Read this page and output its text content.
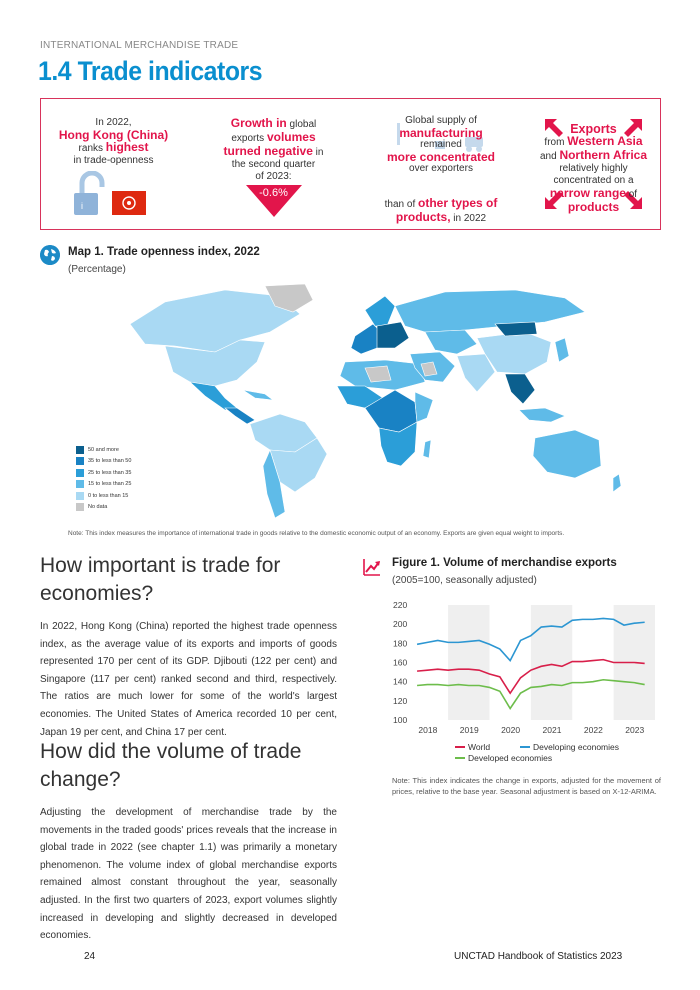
INTERNATIONAL MERCHANDISE TRADE
1.4 Trade indicators
In 2022,
Hong Kong (China)
ranks highest
in trade-openness
i
Growth in global
exports volumes
turned negative in
the second quarter
of 2023:
-0.6%
Global supply of
manufacturing
remained
more concentrated
over exporters
than of other types of
products, in 2022
Exports
from Western Asia
and Northern Africa
relatively highly
concentrated on a
narrow range of
products
Map 1. Trade openness index, 2022
(Percentage)
50 and more
35 to less than 50
25 to less than 35
15 to less than 25
0 to less than 15
No data
Note: This index measures the importance of international trade in goods relative to the domestic economic output of an economy. Exports are given equal weight to imports.
How important is trade for economies?
In 2022, Hong Kong (China) reported the highest trade openness index, as the average value of its exports and imports of goods represented 170 per cent of its GDP. Djibouti (122 per cent) and Singapore (117 per cent) ranked second and third, respectively. The ratios are much lower for some of the world's largest economies. The United States of America recorded 10 per cent, Japan 19 per cent, and China 17 per cent.
How did the volume of trade change?
Adjusting the development of merchandise trade by the movements in the traded goods' prices reveals that the increase in global trade in 2022 (see chapter 1.1) was primarily a monetary phenomenon. The volume index of global merchandise exports remained almost constant throughout the year, seasonally adjusted. In the first two quarters of 2023, export volumes slightly increased in developing and slightly decreased in developed economies.
Figure 1. Volume of merchandise exports
(2005=100, seasonally adjusted)
100
120
140
160
180
200
220
2018	2019	2020	2021	2022	2023
World	Developing economies
Developed economies
Note: This index indicates the change in exports, adjusted for the movement of prices, relative to the base year. Seasonal adjustment is based on X-12-ARIMA.
24	UNCTAD Handbook of Statistics 2023
